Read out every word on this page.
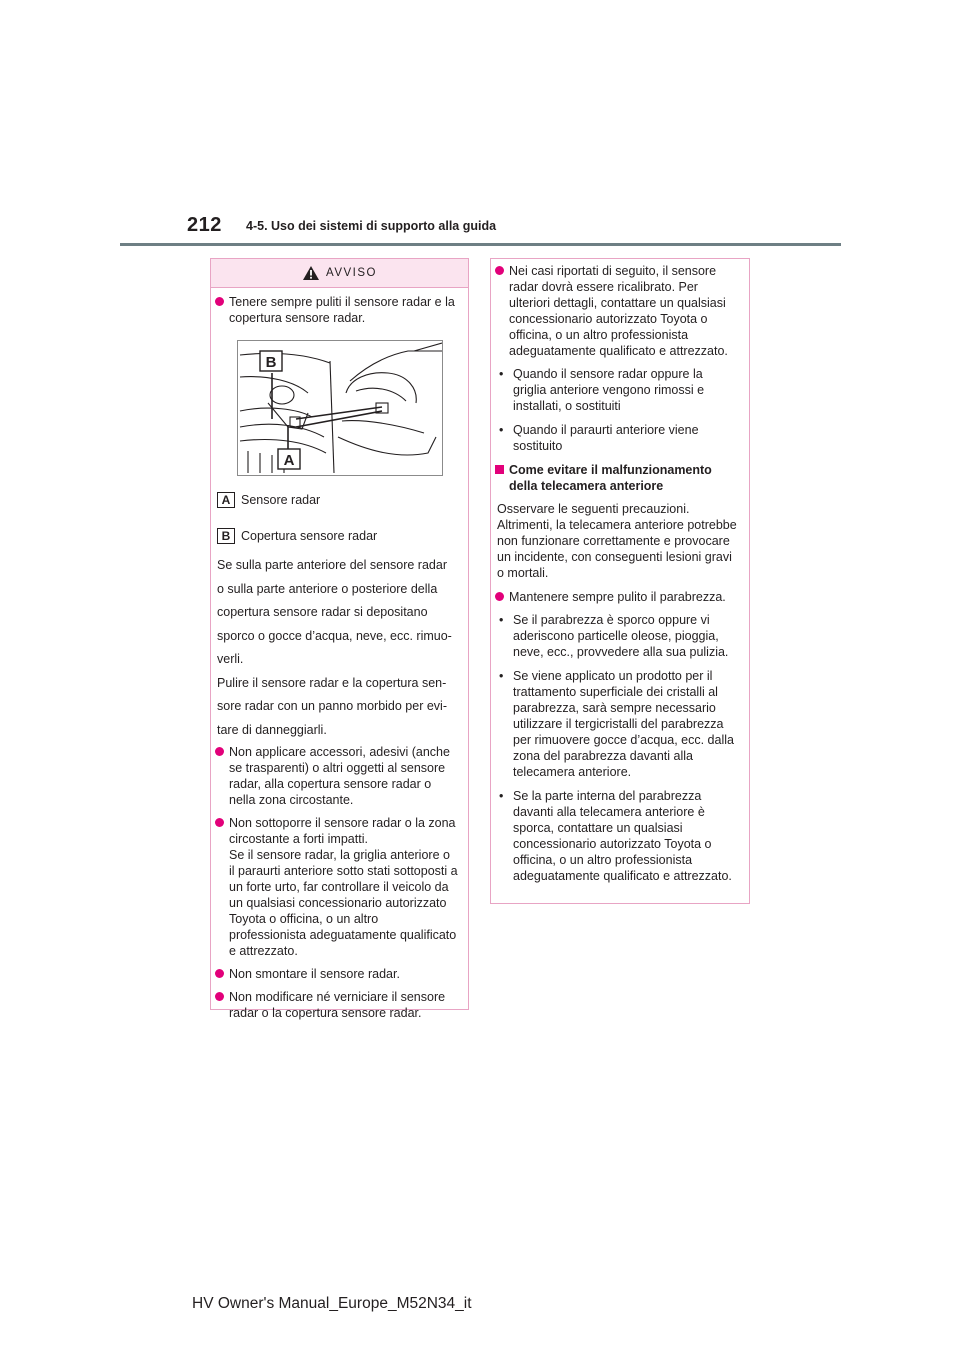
212 4-5. Uso dei sistemi di supporto alla guida
AVVISO
Tenere sempre puliti il sensore radar e la copertura sensore radar.
B
A
A Sensore radar
B Copertura sensore radar

Se sulla parte anteriore del sensore radar

o sulla parte anteriore o posteriore della

copertura sensore radar si depositano

sporco o gocce d’acqua, neve, ecc. rimuo-

verli.

Pulire il sensore radar e la copertura sen-

sore radar con un panno morbido per evi-

tare di danneggiarli.

Non applicare accessori, adesivi (anche se trasparenti) o altri oggetti al sensore radar, alla copertura sensore radar o nella zona circostante.
Non sottoporre il sensore radar o la zona circostante a forti impatti.
Se il sensore radar, la griglia anteriore o il paraurti anteriore sotto stati sottoposti a un forte urto, far controllare il veicolo da un qualsiasi concessionario autorizzato Toyota o officina, o un altro professionista adeguatamente qualificato e attrezzato.
Non smontare il sensore radar.
Non modificare né verniciare il sensore radar o la copertura sensore radar.
Nei casi riportati di seguito, il sensore radar dovrà essere ricalibrato. Per ulteriori dettagli, contattare un qualsiasi concessionario autorizzato Toyota o officina, o un altro professionista adeguatamente qualificato e attrezzato.
• Quando il sensore radar oppure la griglia anteriore vengono rimossi e installati, o sostituiti
• Quando il paraurti anteriore viene sostituito
Come evitare il malfunzionamento della telecamera anteriore
Osservare le seguenti precauzioni. Altrimenti, la telecamera anteriore potrebbe non funzionare correttamente e provocare un incidente, con conseguenti lesioni gravi o mortali.
Mantenere sempre pulito il parabrezza.
• Se il parabrezza è sporco oppure vi aderiscono particelle oleose, pioggia, neve, ecc., provvedere alla sua pulizia.
• Se viene applicato un prodotto per il trattamento superficiale dei cristalli al parabrezza, sarà sempre necessario utilizzare il tergicristalli del parabrezza per rimuovere gocce d’acqua, ecc. dalla zona del parabrezza davanti alla telecamera anteriore.
• Se la parte interna del parabrezza davanti alla telecamera anteriore è sporca, contattare un qualsiasi concessionario autorizzato Toyota o officina, o un altro professionista adeguatamente qualificato e attrezzato.
HV Owner's Manual_Europe_M52N34_it
